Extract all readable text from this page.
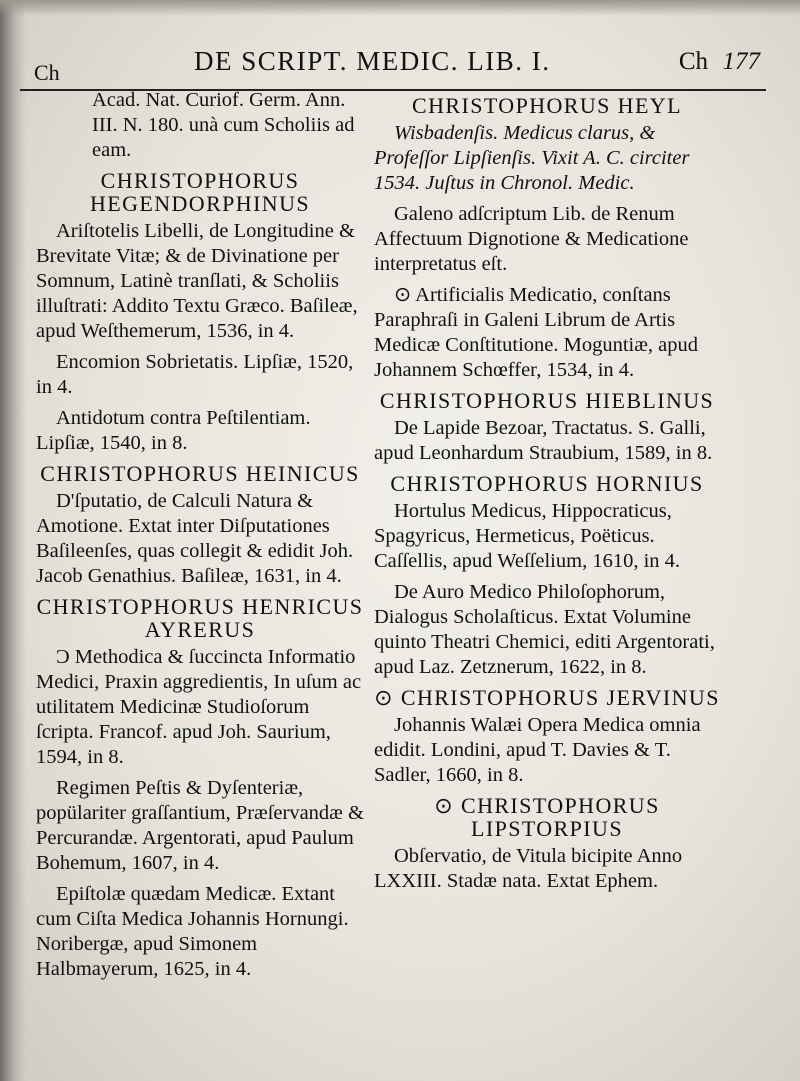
Ch	DE SCRIPT. MEDIC. LIB. I.	Ch 177
Acad. Nat. Curiof. Germ. Ann. III. N. 180. unà cum Scholiis ad eam.
CHRISTOPHORUS HEGENDORPHINUS
Ariſtotelis Libelli, de Longitudine & Brevitate Vitæ; & de Divinatione per Somnum, Latinè tranſlati, & Scholiis illuſtrati: Addito Textu Græco. Baſileæ, apud Weſthemerum, 1536, in 4.
Encomion Sobrietatis. Lipſiæ, 1520, in 4.
Antidotum contra Peſtilentiam. Lipſiæ, 1540, in 8.
CHRISTOPHORUS HEINICUS
D'ſputatio, de Calculi Natura & Amotione. Extat inter Diſputationes Baſileenſes, quas collegit & edidit Joh. Jacob Genathius. Baſileæ, 1631, in 4.
CHRISTOPHORUS HENRICUS AYRERUS
Ɔ Methodica & ſuccincta Informatio Medici, Praxin aggredientis, In uſum ac utilitatem Medicinæ Studioſorum ſcripta. Francof. apud Joh. Saurium, 1594, in 8.
Regimen Peſtis & Dyſenteriæ, popülariter graſſantium, Præſervandæ & Percurandæ. Argentorati, apud Paulum Bohemum, 1607, in 4.
Epiſtolæ quædam Medicæ. Extant cum Ciſta Medica Johannis Hornungi. Noribergæ, apud Simonem Halbmayerum, 1625, in 4.
CHRISTOPHORUS HEYL
Wisbadenſis. Medicus clarus, & Profeſſor Lipſienſis. Vixit A. C. circiter 1534. Juſtus in Chronol. Medic.
Galeno adſcriptum Lib. de Renum Affectuum Dignotione & Medicatione interpretatus eſt.
⊙ Artificialis Medicatio, conſtans Paraphraſi in Galeni Librum de Artis Medicæ Conſtitutione. Moguntiæ, apud Johannem Schœffer, 1534, in 4.
CHRISTOPHORUS HIEBLINUS
De Lapide Bezoar, Tractatus. S. Galli, apud Leonhardum Straubium, 1589, in 8.
CHRISTOPHORUS HORNIUS
Hortulus Medicus, Hippocraticus, Spagyricus, Hermeticus, Poëticus. Caſſellis, apud Weſſelium, 1610, in 4.
De Auro Medico Philoſophorum, Dialogus Scholaſticus. Extat Volumine quinto Theatri Chemici, editi Argentorati, apud Laz. Zetznerum, 1622, in 8.
⊙ CHRISTOPHORUS JERVINUS
Johannis Walæi Opera Medica omnia edidit. Londini, apud T. Davies & T. Sadler, 1660, in 8.
⊙ CHRISTOPHORUS LIPSTORPIUS
Obſervatio, de Vitula bicipite Anno LXXIII. Stadæ nata. Extat Ephem.
